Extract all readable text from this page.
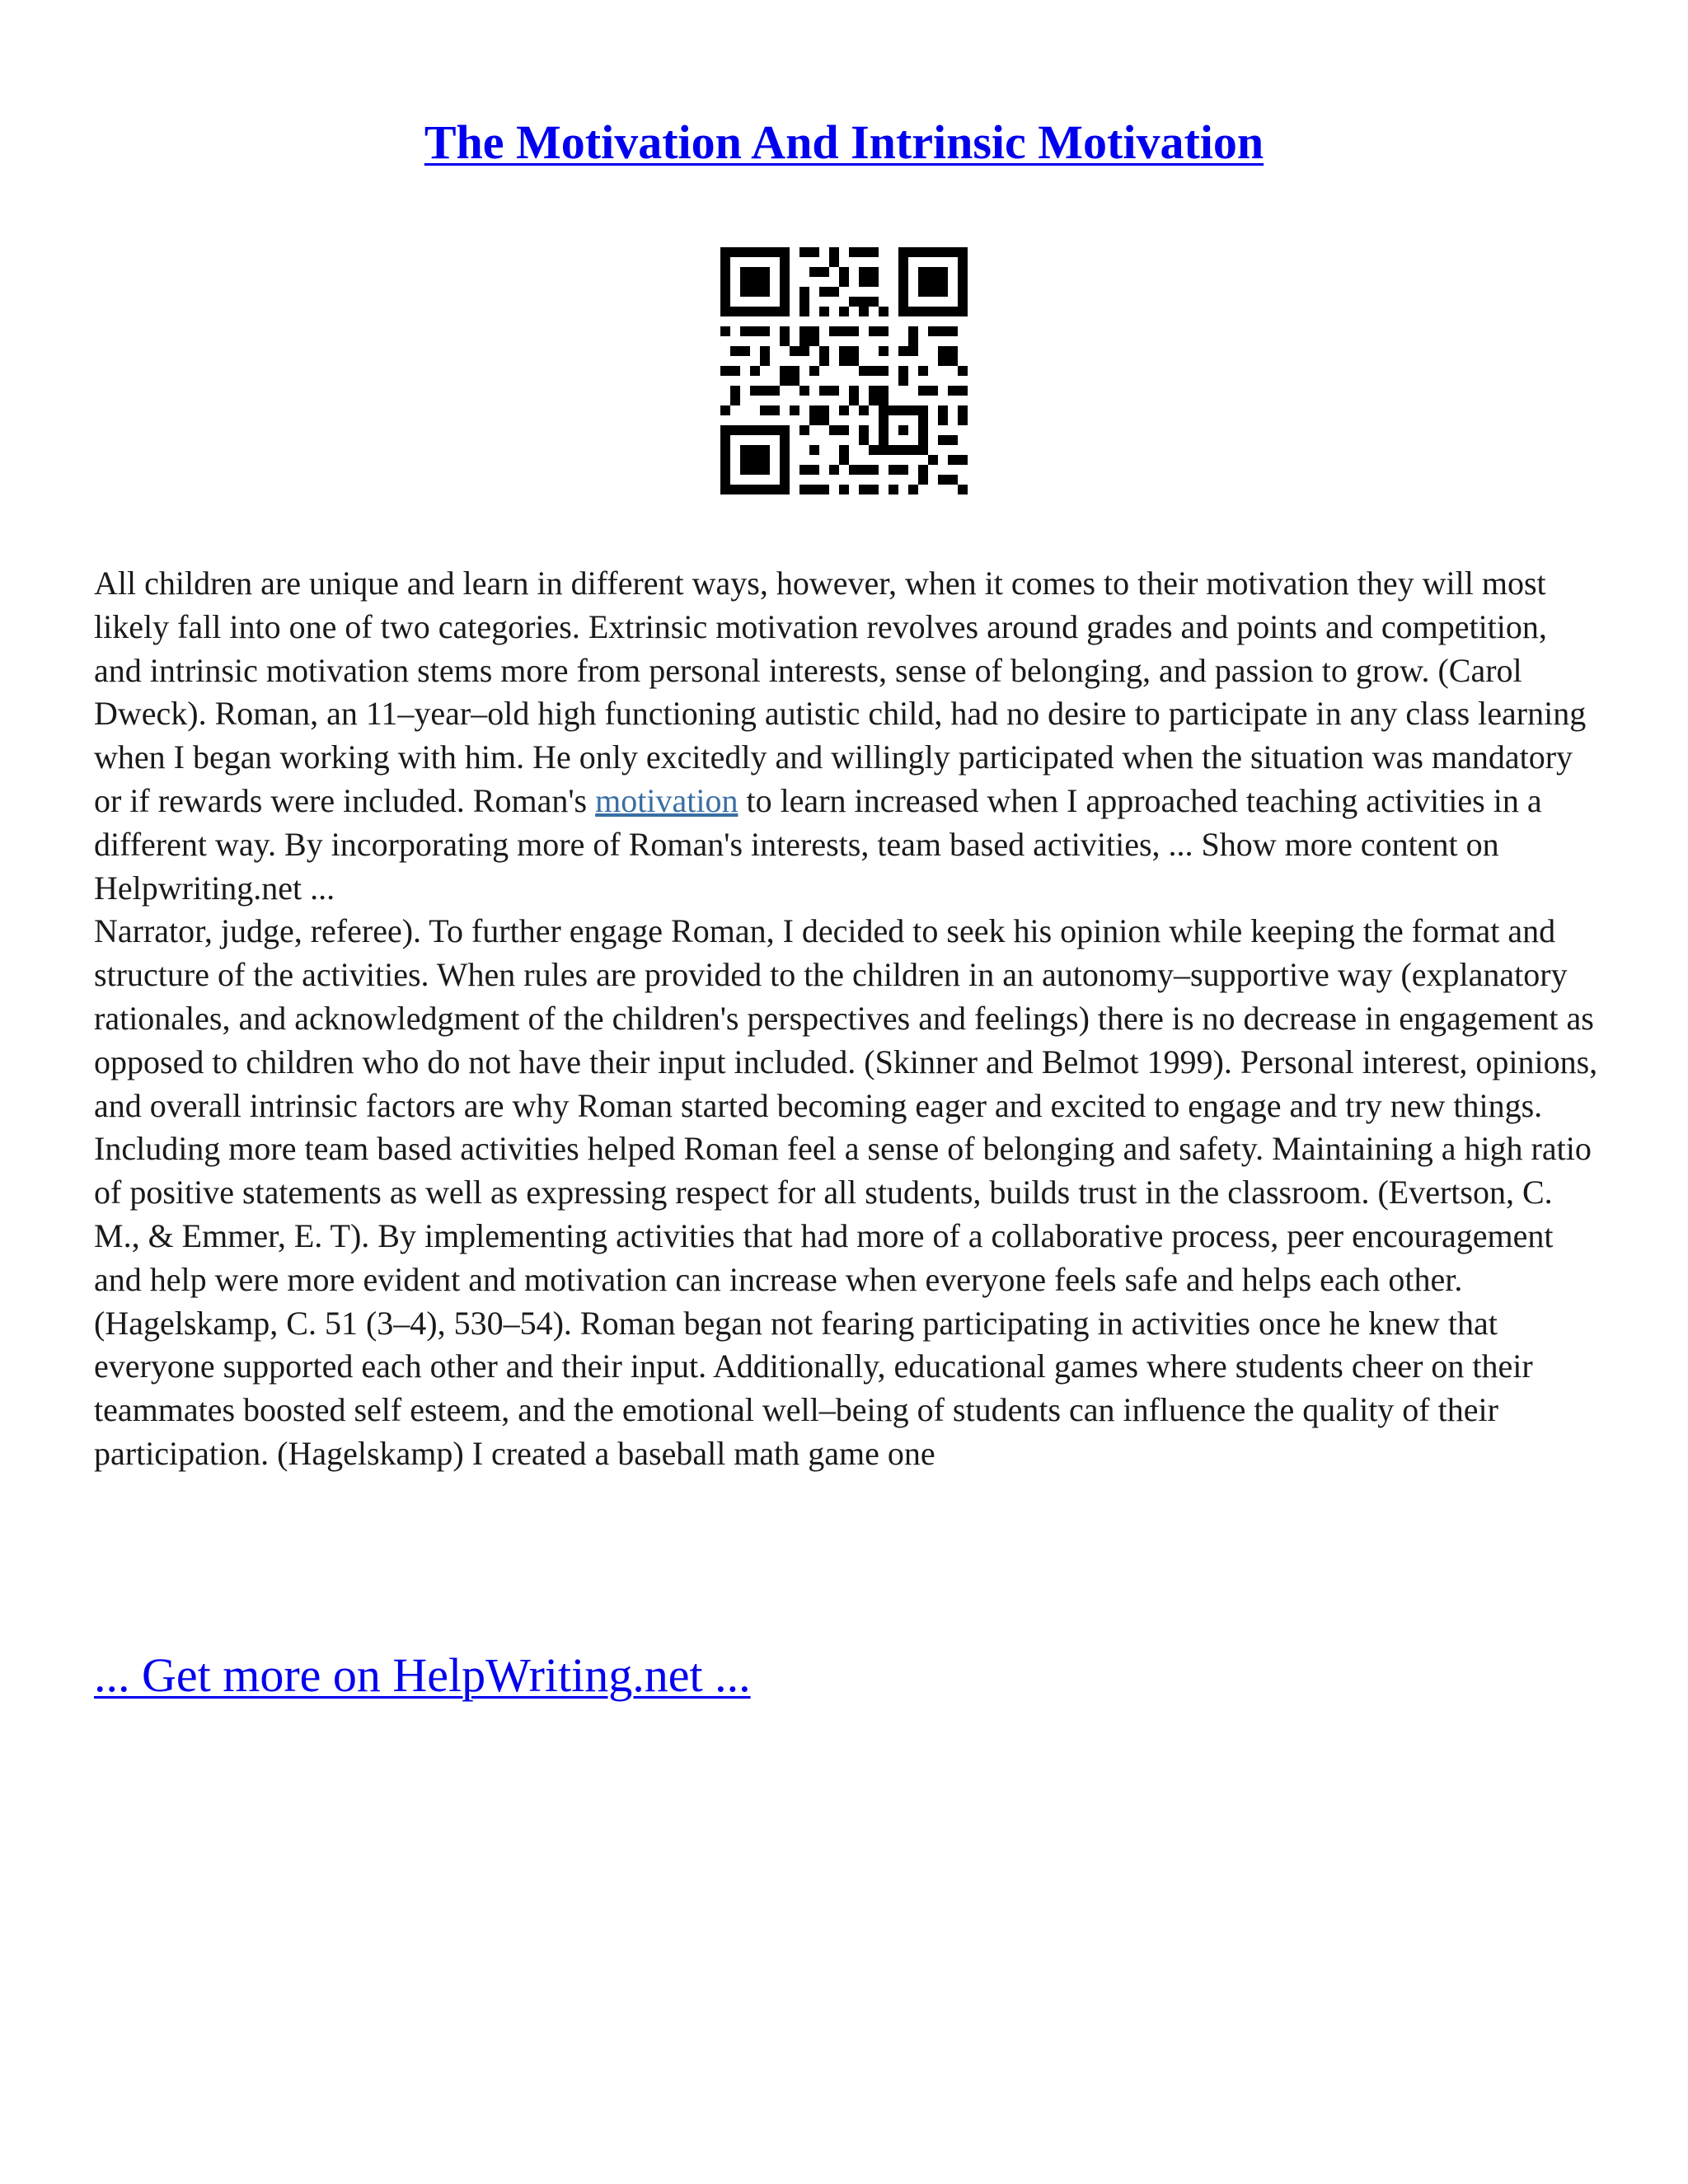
The Motivation And Intrinsic Motivation

All children are unique and learn in different ways, however, when it comes to their motivation they will most likely fall into one of two categories. Extrinsic motivation revolves around grades and points and competition, and intrinsic motivation stems more from personal interests, sense of belonging, and passion to grow. (Carol Dweck). Roman, an 11–year–old high functioning autistic child, had no desire to participate in any class learning when I began working with him. He only excitedly and willingly participated when the situation was mandatory or if rewards were included. Roman's motivation to learn increased when I approached teaching activities in a different way. By incorporating more of Roman's interests, team based activities, ... Show more content on Helpwriting.net ...

Narrator, judge, referee). To further engage Roman, I decided to seek his opinion while keeping the format and structure of the activities. When rules are provided to the children in an autonomy–supportive way (explanatory rationales, and acknowledgment of the children's perspectives and feelings) there is no decrease in engagement as opposed to children who do not have their input included. (Skinner and Belmot 1999). Personal interest, opinions, and overall intrinsic factors are why Roman started becoming eager and excited to engage and try new things.

Including more team based activities helped Roman feel a sense of belonging and safety. Maintaining a high ratio of positive statements as well as expressing respect for all students, builds trust in the classroom. (Evertson, C. M., & Emmer, E. T). By implementing activities that had more of a collaborative process, peer encouragement and help were more evident and motivation can increase when everyone feels safe and helps each other. (Hagelskamp, C. 51 (3–4), 530–54). Roman began not fearing participating in activities once he knew that everyone supported each other and their input. Additionally, educational games where students cheer on their teammates boosted self esteem, and the emotional well–being of students can influence the quality of their participation. (Hagelskamp) I created a baseball math game one

... Get more on HelpWriting.net ...
